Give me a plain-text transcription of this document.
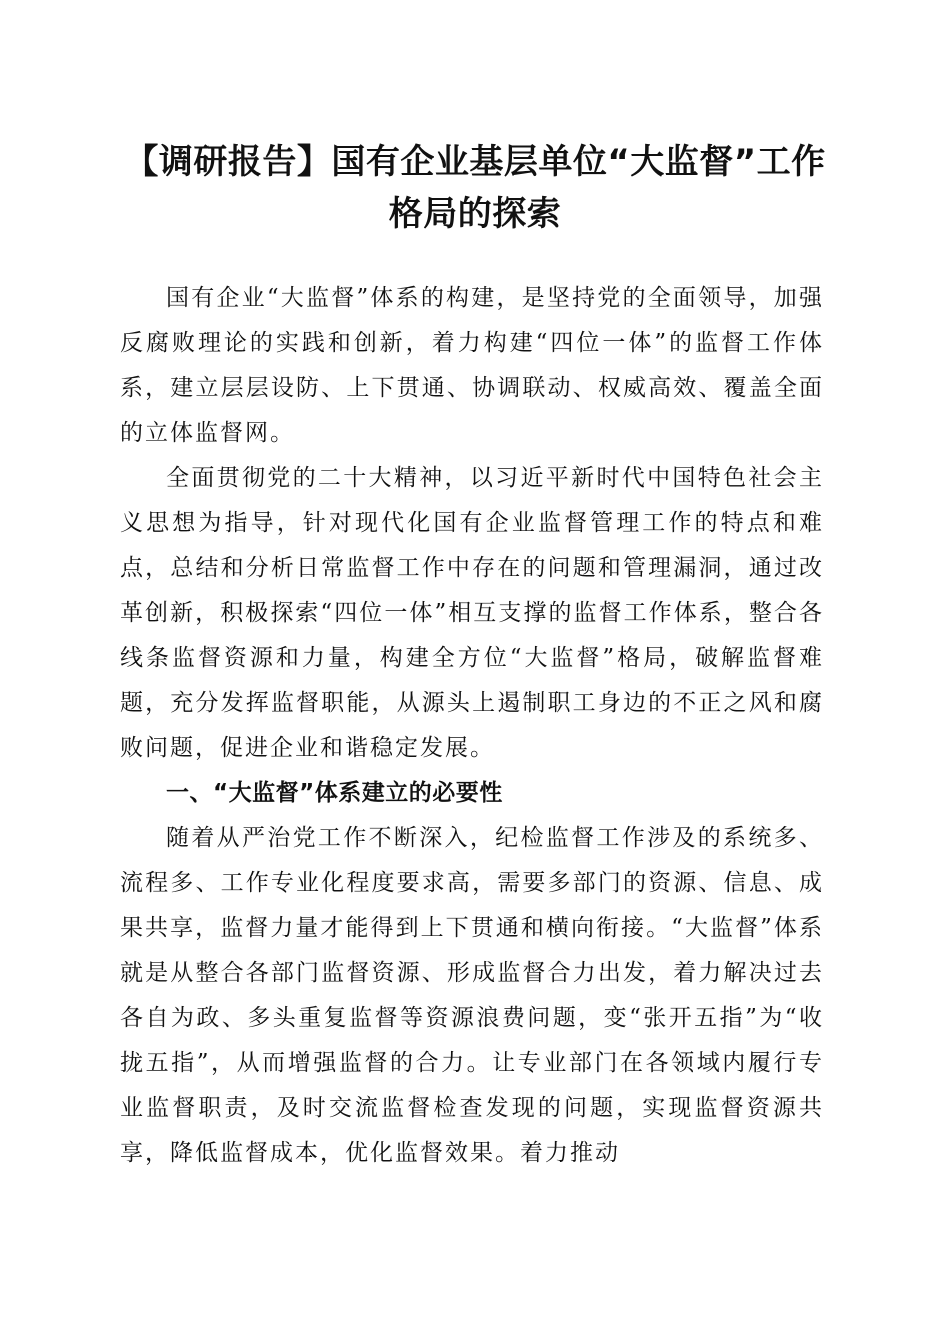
【调研报告】国有企业基层单位“大监督”工作格局的探索

国有企业“大监督”体系的构建，是坚持党的全面领导，加强反腐败理论的实践和创新，着力构建“四位一体”的监督工作体系，建立层层设防、上下贯通、协调联动、权威高效、覆盖全面的立体监督网。

全面贯彻党的二十大精神，以习近平新时代中国特色社会主义思想为指导，针对现代化国有企业监督管理工作的特点和难点，总结和分析日常监督工作中存在的问题和管理漏洞，通过改革创新，积极探索“四位一体”相互支撑的监督工作体系，整合各线条监督资源和力量，构建全方位“大监督”格局，破解监督难题，充分发挥监督职能，从源头上遏制职工身边的不正之风和腐败问题，促进企业和谐稳定发展。

一、“大监督”体系建立的必要性

随着从严治党工作不断深入，纪检监督工作涉及的系统多、流程多、工作专业化程度要求高，需要多部门的资源、信息、成果共享，监督力量才能得到上下贯通和横向衔接。“大监督”体系就是从整合各部门监督资源、形成监督合力出发，着力解决过去各自为政、多头重复监督等资源浪费问题，变“张开五指”为“收拢五指”，从而增强监督的合力。让专业部门在各领域内履行专业监督职责，及时交流监督检查发现的问题，实现监督资源共享，降低监督成本，优化监督效果。着力推动
